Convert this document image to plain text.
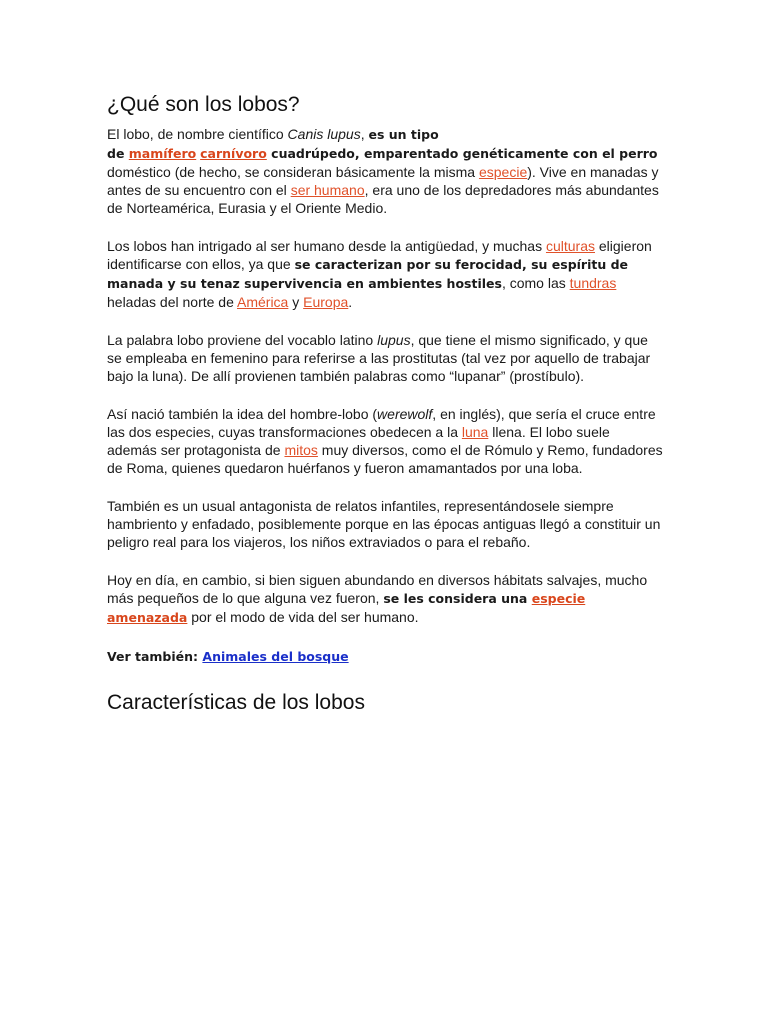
¿Qué son los lobos?

El lobo, de nombre científico Canis lupus, es un tipo
de mamífero carnívoro cuadrúpedo, emparentado genéticamente con el perro doméstico (de hecho, se consideran básicamente la misma especie). Vive en manadas y antes de su encuentro con el ser humano, era uno de los depredadores más abundantes de Norteamérica, Eurasia y el Oriente Medio.

Los lobos han intrigado al ser humano desde la antigüedad, y muchas culturas eligieron identificarse con ellos, ya que se caracterizan por su ferocidad, su espíritu de manada y su tenaz supervivencia en ambientes hostiles, como las tundras heladas del norte de América y Europa.

La palabra lobo proviene del vocablo latino lupus, que tiene el mismo significado, y que se empleaba en femenino para referirse a las prostitutas (tal vez por aquello de trabajar bajo la luna). De allí provienen también palabras como “lupanar” (prostíbulo).

Así nació también la idea del hombre-lobo (werewolf, en inglés), que sería el cruce entre las dos especies, cuyas transformaciones obedecen a la luna llena. El lobo suele además ser protagonista de mitos muy diversos, como el de Rómulo y Remo, fundadores de Roma, quienes quedaron huérfanos y fueron amamantados por una loba.

También es un usual antagonista de relatos infantiles, representándosele siempre hambriento y enfadado, posiblemente porque en las épocas antiguas llegó a constituir un peligro real para los viajeros, los niños extraviados o para el rebaño.

Hoy en día, en cambio, si bien siguen abundando en diversos hábitats salvajes, mucho más pequeños de lo que alguna vez fueron, se les considera una especie amenazada por el modo de vida del ser humano.

Ver también: Animales del bosque

Características de los lobos
